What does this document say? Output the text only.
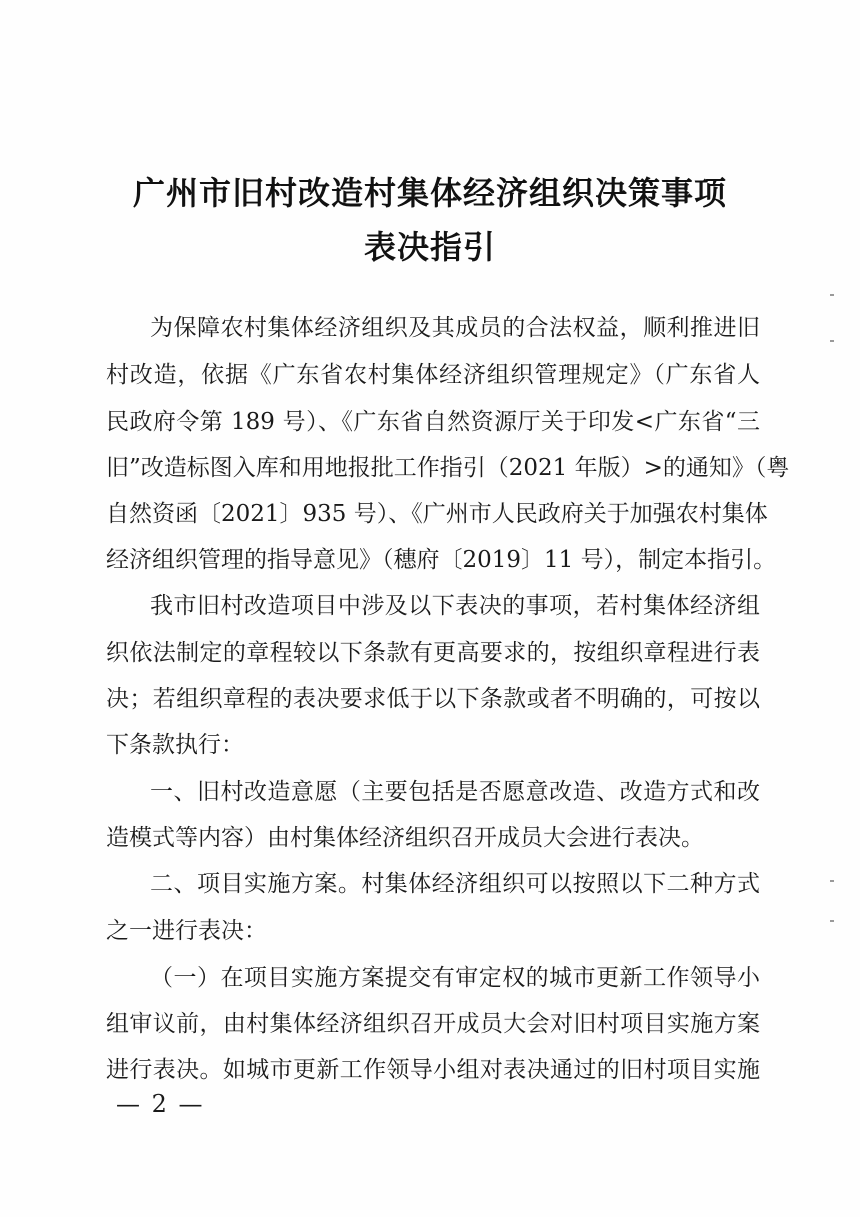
广州市旧村改造村集体经济组织决策事项
表决指引
为保障农村集体经济组织及其成员的合法权益，顺利推进旧
村改造，依据《广东省农村集体经济组织管理规定》（广东省人
民政府令第 189 号）、《广东省自然资源厅关于印发<广东省“三
旧”改造标图入库和用地报批工作指引（2021 年版）>的通知》（粤
自然资函〔2021〕935 号）、《广州市人民政府关于加强农村集体
经济组织管理的指导意见》（穗府〔2019〕11 号），制定本指引。
我市旧村改造项目中涉及以下表决的事项，若村集体经济组
织依法制定的章程较以下条款有更高要求的，按组织章程进行表
决；若组织章程的表决要求低于以下条款或者不明确的，可按以
下条款执行：
一、旧村改造意愿（主要包括是否愿意改造、改造方式和改
造模式等内容）由村集体经济组织召开成员大会进行表决。
二、项目实施方案。村集体经济组织可以按照以下二种方式
之一进行表决：
（一）在项目实施方案提交有审定权的城市更新工作领导小
组审议前，由村集体经济组织召开成员大会对旧村项目实施方案
进行表决。如城市更新工作领导小组对表决通过的旧村项目实施
— 2 —
